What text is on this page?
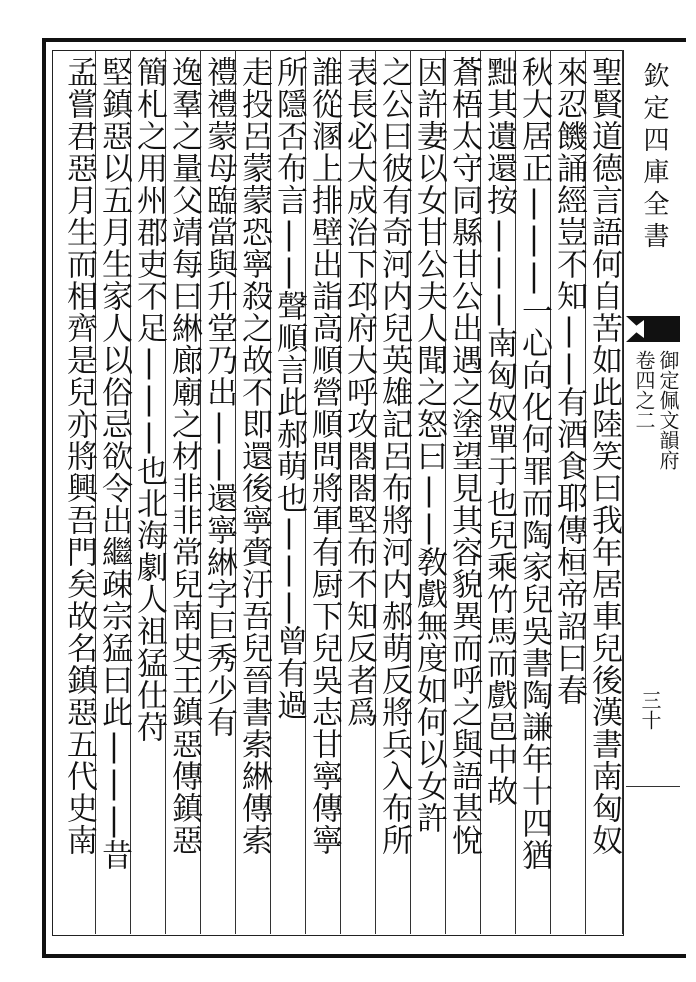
欽定四庫全書
御定佩文韻府
卷四之二
三十
聖賢道德言語何自苦如此陸笑曰我年居車兒後漢書南匈奴
來忍饑誦經豈不知||有酒食耶傳桓帝詔曰春
秋大居正|||一心向化何罪而陶家兒吳書陶謙年十四猶
黜其遺還按|||南匈奴單于也兒乘竹馬而戲邑中故
蒼梧太守同縣甘公出遇之塗望見其容貌異而呼之與語甚悅
因許妻以女甘公夫人聞之怒曰||敎戲無度如何以女許
之公曰彼有奇河内兒英雄記呂布將河内郝萌反將兵入布所
表長必大成治下邳府大呼攻閤閤堅布不知反者爲
誰從溷上排壁出詣高順營順問將軍有厨下兒吳志甘寧傳寧
所隱否布言||聲順言此郝萌也|||曾有過
走投呂蒙蒙恐寧殺之故不即還後寧賫汙吾兒晉書索綝傳索
禮禮蒙母臨當與升堂乃出||還寧綝字巨秀少有
逸羣之量父靖每曰綝廊廟之材非非常兒南史王鎮惡傳鎮惡
簡札之用州郡吏不足|||也北海劇人祖猛仕苻
堅鎮惡以五月生家人以俗忌欲令出繼疎宗猛曰此|||昔
孟嘗君惡月生而相齊是兒亦將興吾門矣故名鎮惡五代史南
